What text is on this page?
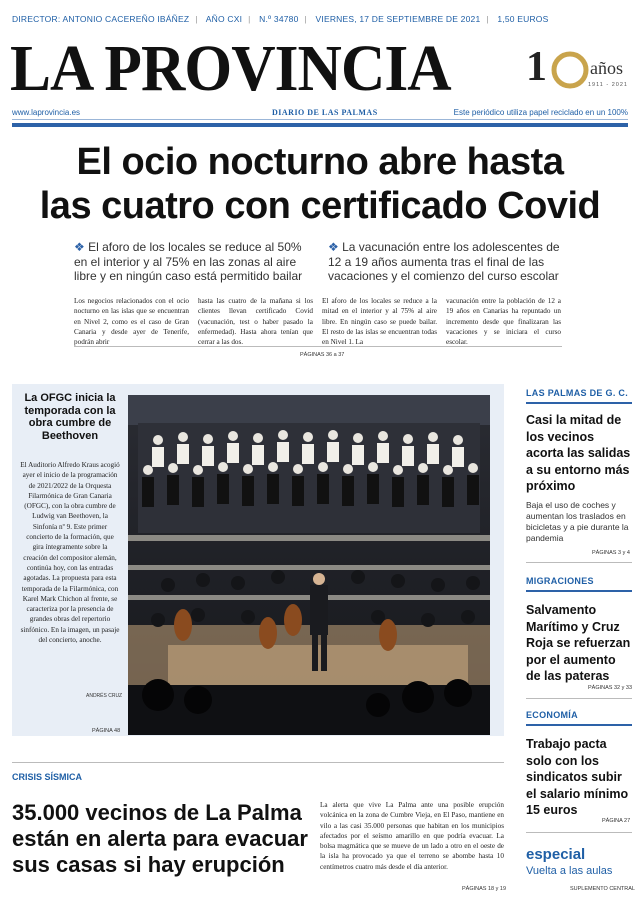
DIRECTOR: ANTONIO CACEREÑO IBÁÑEZ | AÑO CXI | N.º 34780 | VIERNES, 17 DE SEPTIEMBRE DE 2021 | 1,50 EUROS
LA PROVINCIA 1 años
1911 - 2021
www.laprovincia.es	DIARIO DE LAS PALMAS	Este periódico utiliza papel reciclado en un 100%
El ocio nocturno abre hasta
las cuatro con certificado Covid
❖ El aforo de los locales se reduce al 50% en el interior y al 75% en las zonas al aire libre y en ningún caso está permitido bailar
❖ La vacunación entre los adolescentes de 12 a 19 años aumenta tras el final de las vacaciones y el comienzo del curso escolar
Los negocios relacionados con el ocio nocturno en las islas que se encuentran en Nivel 2, como es el caso de Gran Canaria y desde ayer de Tenerife, podrán abrir
hasta las cuatro de la mañana si los clientes llevan certificado Covid (vacunación, test o haber pasado la enfermedad). Hasta ahora tenían que cerrar a las dos.
El aforo de los locales se reduce a la mitad en el interior y al 75% al aire libre. En ningún caso se puede bailar. El resto de las islas se encuentran todas en Nivel 1. La
vacunación entre la población de 12 a 19 años en Canarias ha repuntado un incremento desde que finalizaran las vacaciones y se iniciara el curso escolar.
PÁGINAS 36 a 37
La OFGC inicia la temporada con la obra cumbre de Beethoven
El Auditorio Alfredo Kraus acogió ayer el inicio de la programación de 2021/2022 de la Orquesta Filarmónica de Gran Canaria (OFGC), con la obra cumbre de Ludwig van Beethoven, la Sinfonía nº 9. Este primer concierto de la formación, que gira íntegramente sobre la creación del compositor alemán, continúa hoy, con las entradas agotadas. La propuesta para esta temporada de la Filarmónica, con Karel Mark Chichon al frente, se caracteriza por la presencia de grandes obras del repertorio sinfónico. En la imagen, un pasaje del concierto, anoche.
ANDRÉS CRUZ
PÁGINA 48
LAS PALMAS DE G. C.
Casi la mitad de los vecinos acorta las salidas a su entorno más próximo
Baja el uso de coches y aumentan los traslados en bicicletas y a pie durante la pandemia
PÁGINAS 3 y 4
MIGRACIONES
Salvamento Marítimo y Cruz Roja se refuerzan por el aumento de las pateras
PÁGINAS 32 y 33
ECONOMÍA
Trabajo pacta solo con los sindicatos subir el salario mínimo 15 euros
PÁGINA 27
especial
Vuelta a las aulas
SUPLEMENTO CENTRAL
CRISIS SÍSMICA
35.000 vecinos de La Palma están en alerta para evacuar sus casas si hay erupción
La alerta que vive La Palma ante una posible erupción volcánica en la zona de Cumbre Vieja, en El Paso, mantiene en vilo a las casi 35.000 personas que habitan en los municipios afectados por el seísmo amarillo en que podría evacuar. La bolsa magmática que se mueve de un lado a otro en el oeste de la isla ha provocado ya que el terreno se abombe hasta 10 centímetros cuatro más desde el día anterior.
PÁGINAS 18 y 19
